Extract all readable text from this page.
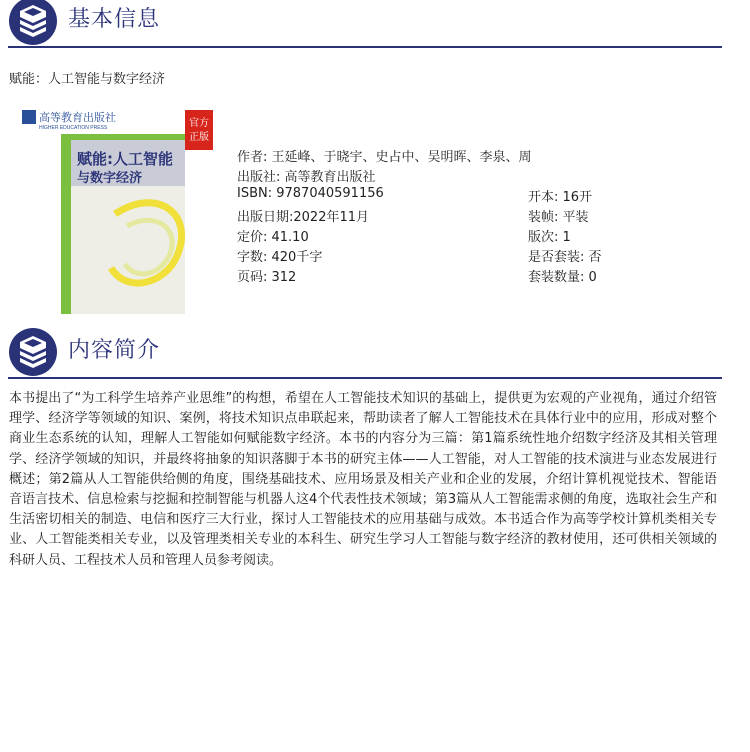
基本信息
赋能：人工智能与数字经济
高等教育出版社
HIGHER EDUCATION PRESS
赋能:人工智能
与数字经济
官方
正版
作者: 王延峰、于晓宇、史占中、吴明晖、李泉、周
出版社: 高等教育出版社
ISBN: 9787040591156	开本: 16开
出版日期:2022年11月	装帧: 平装
定价: 41.10	版次: 1
字数: 420千字	是否套装: 否
页码: 312	套装数量: 0
内容简介
本书提出了“为工科学生培养产业思维”的构想，希望在人工智能技术知识的基础上，提供更为宏观的产业视角，通过介绍管理学、经济学等领域的知识、案例，将技术知识点串联起来，帮助读者了解人工智能技术在具体行业中的应用，形成对整个商业生态系统的认知，理解人工智能如何赋能数字经济。本书的内容分为三篇：第1篇系统性地介绍数字经济及其相关管理学、经济学领域的知识，并最终将抽象的知识落脚于本书的研究主体——人工智能，对人工智能的技术演进与业态发展进行概述；第2篇从人工智能供给侧的角度，围绕基础技术、应用场景及相关产业和企业的发展，介绍计算机视觉技术、智能语音语言技术、信息检索与挖掘和控制智能与机器人这4个代表性技术领域；第3篇从人工智能需求侧的角度，选取社会生产和生活密切相关的制造、电信和医疗三大行业，探讨人工智能技术的应用基础与成效。本书适合作为高等学校计算机类相关专业、人工智能类相关专业，以及管理类相关专业的本科生、研究生学习人工智能与数字经济的教材使用，还可供相关领域的科研人员、工程技术人员和管理人员参考阅读。
